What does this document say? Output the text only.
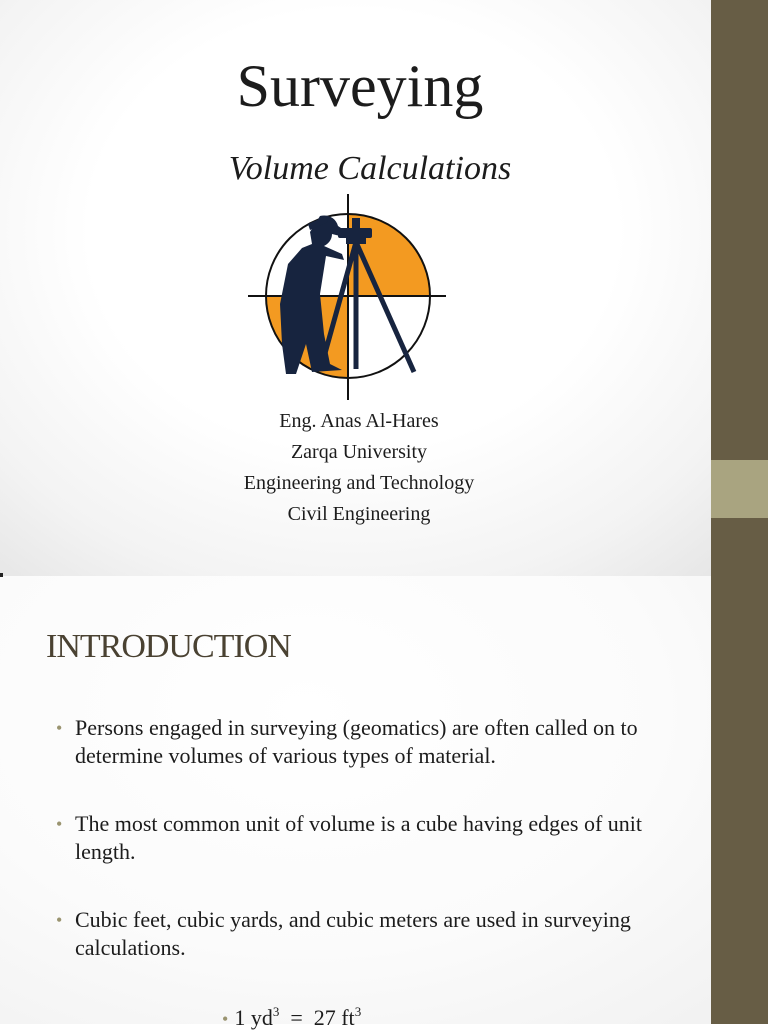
Surveying
Volume Calculations
Eng. Anas Al-Hares
Zarqa University
Engineering and Technology
Civil Engineering
INTRODUCTION
• Persons engaged in surveying (geomatics) are often called on to determine volumes of various types of material.
• The most common unit of volume is a cube having edges of unit length.
• Cubic feet, cubic yards, and cubic meters are used in surveying calculations.
• 1 $yd^3 = 27$ $ft^3$
